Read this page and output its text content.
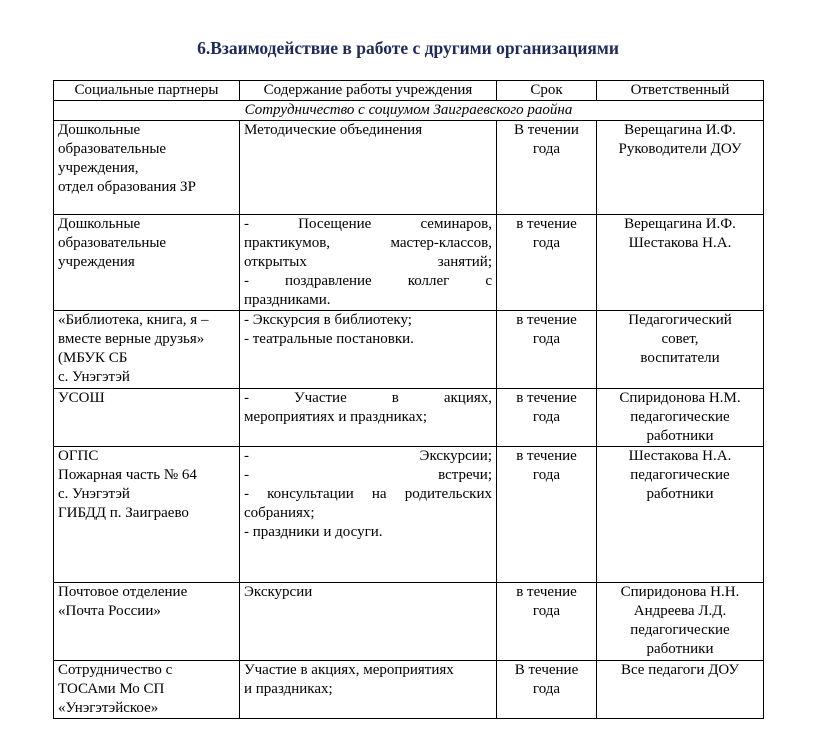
6.Взаимодействие в работе с другими организациями
Социальные партнеры	Содержание работы учреждения	Срок	Ответственный
Сотрудничество с социумом Заиграевского раойна			

Дошкольные
образовательные
учреждения,
отдел образования ЗР	Методические объединения	В течении
года	Верещагина И.Ф.
Руководители ДОУ

Дошкольные
образовательные
учреждения	- Посещение семинаров,
практикумов, мастер-классов,
открытых занятий;
- поздравление коллег с
праздниками.	в течение
года	Верещагина И.Ф.
Шестакова Н.А.

«Библиотека, книга, я –
вместе верные друзья»
(МБУК СБ
с. Унэгэтэй	- Экскурсия в библиотеку;
- театральные постановки.	в течение
года	Педагогический
совет,
воспитатели

УСОШ	- Участие в акциях,
мероприятиях и праздниках;	в течение
года	Спиридонова Н.М.
педагогические
работники

ОГПС
Пожарная часть № 64
с. Унэгэтэй
ГИБДД п. Заиграево	- Экскурсии;
- встречи;
- консультации на родительских
собраниях;
- праздники и досуги.	в течение
года	Шестакова Н.А.
педагогические
работники

Почтовое отделение
«Почта России»	Экскурсии	в течение
года	Спиридонова Н.Н.
Андреева Л.Д.
педагогические
работники

Сотрудничество с
ТОСАми Мо СП
«Унэгэтэйское»	Участие в акциях, мероприятиях
и праздниках;	В течение
года	Все педагоги ДОУ
